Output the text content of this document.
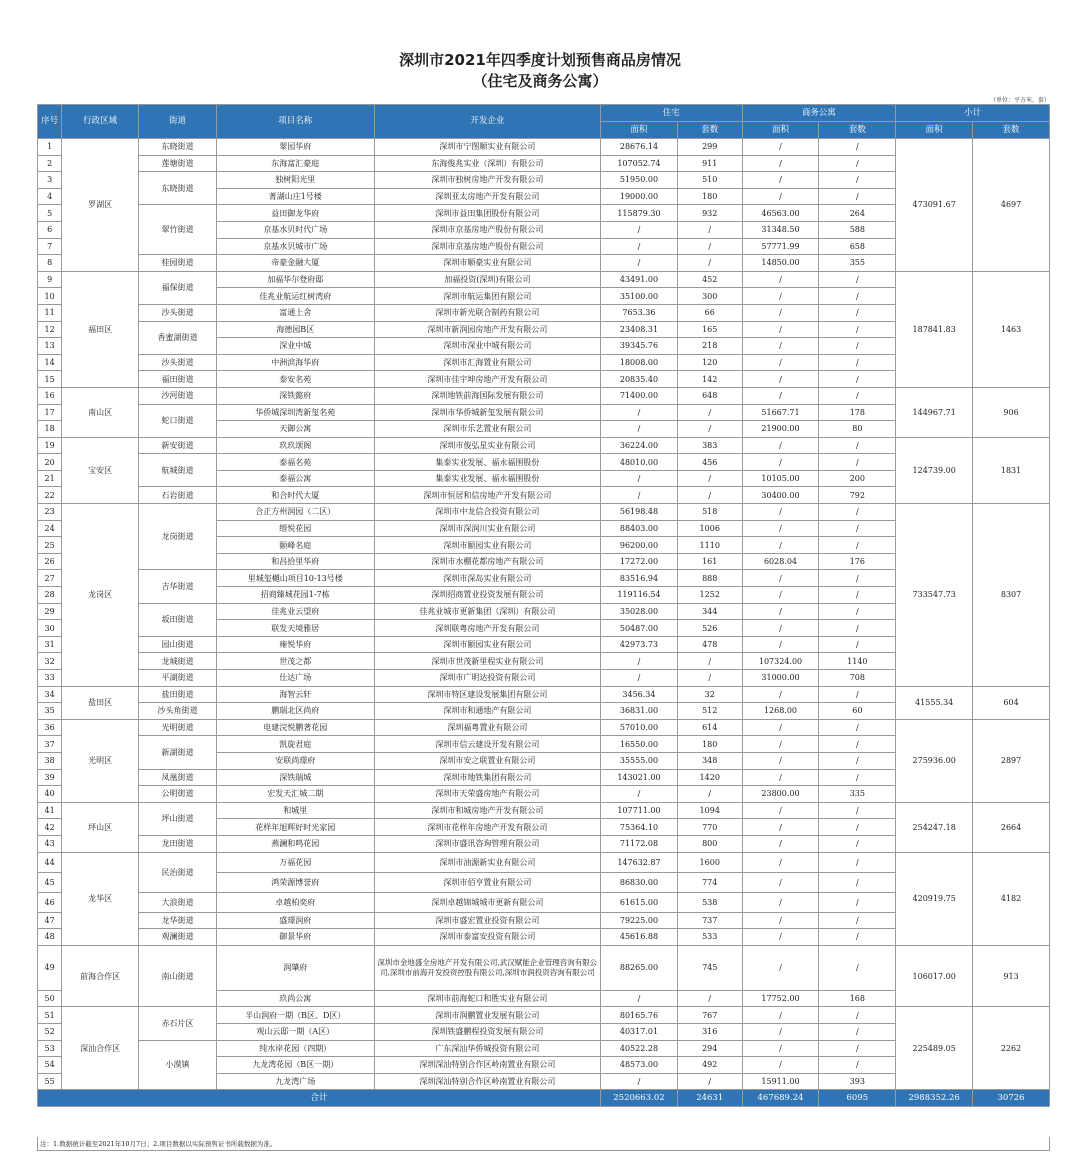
深圳市2021年四季度计划预售商品房情况
（住宅及商务公寓）
（单位：平方米，套）
序号	行政区域	街道	项目名称	开发企业	住宅		商务公寓		小计	
					面积	套数	面积	套数	面积	套数
1	罗湖区	东晓街道	翠园华府	深圳市宁图顺实业有限公司	28676.14	299	/	/	473091.67	4697
2		莲塘街道	东海富汇豪庭	东海俊兆实业（深圳）有限公司	107052.74	911	/	/		
3		东晓街道	独树阳光里	深圳市独树房地产开发有限公司	51950.00	510	/	/		
4			菁湖山庄1号楼	深圳亚太房地产开发有限公司	19000.00	180	/	/		
5		翠竹街道	益田御龙华府	深圳市益田集团股份有限公司	115879.30	932	46563.00	264		
6			京基水贝时代广场	深圳市京基房地产股份有限公司	/	/	31348.50	588		
7			京基水贝城市广场	深圳市京基房地产股份有限公司	/	/	57771.99	658		
8		桂园街道	帝豪金融大厦	深圳市顺豪实业有限公司	/	/	14850.00	355		
9	福田区	福保街道	加福华尔登府邸	加福投资(深圳)有限公司	43491.00	452	/	/	187841.83	1463
10			佳兆业航运红树湾府	深圳市航运集团有限公司	35100.00	300	/	/		
11		沙头街道	富通上舍	深圳市新光联合制药有限公司	7653.36	66	/	/		
12		香蜜湖街道	海德园B区	深圳市新润园房地产开发有限公司	23408.31	165	/	/		
13			深业中城	深圳市深业中城有限公司	39345.76	218	/	/		
14		沙头街道	中洲滨海华府	深圳市汇海置业有限公司	18008.00	120	/	/		
15		福田街道	泰安名苑	深圳市佳宇坤房地产开发有限公司	20835.40	142	/	/		
16	南山区	沙河街道	深铁懿府	深圳地铁前海国际发展有限公司	71400.00	648	/	/	144967.71	906
17		蛇口街道	华侨城深圳湾新玺名苑	深圳市华侨城新玺发展有限公司	/	/	51667.71	178		
18			天御公寓	深圳市乐艺置业有限公司	/	/	21900.00	80		
19	宝安区	新安街道	玖玖颂阁	深圳市俊弘星实业有限公司	36224.00	383	/	/	124739.00	1831
20		航城街道	泰福名苑	集泰实业发展、福永福围股份	48010.00	456	/	/		
21			泰福公寓	集泰实业发展、福永福围股份	/	/	10105.00	200		
22		石岩街道	和合时代大厦	深圳市恒居和信房地产开发有限公司	/	/	30400.00	792		
23	龙岗区	龙岗街道	合正方州润园（二区）	深圳市中龙信合投资有限公司	56198.48	518	/	/	733547.73	8307
24			缙悦花园	深圳市深润川实业有限公司	88403.00	1006	/	/		
25			颐峰名庭	深圳市颐园实业有限公司	96200.00	1110	/	/		
26			和昌拾里华府	深圳市水棚花都房地产有限公司	17272.00	161	6028.04	176		
27		吉华街道	里城玺樾山项目10-13号楼	深圳市深岛实业有限公司	83516.94	888	/	/		
28			招商臻城花园1-7栋	深圳招商置业投资发展有限公司	119116.54	1252	/	/		
29		坂田街道	佳兆业云望府	佳兆业城市更新集团（深圳）有限公司	35028.00	344	/	/		
30			联发天境雅居	深圳联粤房地产开发有限公司	50487.00	526	/	/		
31		园山街道	雍悦华府	深圳市颐园实业有限公司	42973.73	478	/	/		
32		龙城街道	世茂之都	深圳市世茂新里程实业有限公司	/	/	107324.00	1140		
33		平湖街道	仕达广场	深圳市广明达投资有限公司	/	/	31000.00	708		
34	盐田区	盐田街道	海智云轩	深圳市特区建设发展集团有限公司	3456.34	32	/	/	41555.34	604
35		沙头角街道	鹏瑞北区尚府	深圳市和通地产有限公司	36831.00	512	1268.00	60		
36	光明区	光明街道	电建浣悦鹏著花园	深圳福粤置业有限公司	57010.00	614	/	/	275936.00	2897
37		新湖街道	凯旋君庭	深圳市信云建设开发有限公司	16550.00	180	/	/		
38			安联尚璟府	深圳市安之联置业有限公司	35555.00	348	/	/		
39		凤凰街道	深铁瑞城	深圳市地铁集团有限公司	143021.00	1420	/	/		
40		公明街道	宏发天汇城二期	深圳市天荣盛房地产有限公司	/	/	23800.00	335		
41	坪山区	坪山街道	和城里	深圳市和城房地产开发有限公司	107711.00	1094	/	/	254247.18	2664
42			花样年旭辉好时光家园	深圳市花样年房地产开发有限公司	75364.10	770	/	/		
43		龙田街道	燕澜和鸣花园	深圳市盛讯咨询管理有限公司	71172.08	800	/	/		
44	龙华区	民治街道	万福花园	深圳市油源新实业有限公司	147632.87	1600	/	/	420919.75	4182
45			鸿荣源博誉府	深圳市佰亨置业有限公司	86830.00	774	/	/		
46		大浪街道	卓越柏奕府	深圳卓越锦城城市更新有限公司	61615.00	538	/	/		
47		龙华街道	盛璟润府	深圳市盛宏置业投资有限公司	79225.00	737	/	/		
48		观澜街道	御景华府	深圳市泰富安投资有限公司	45616.88	533	/	/		
49	前海合作区	南山街道	润肇府	深圳市金地盛全房地产开发有限公司,武汉赋能企业管理咨询有限公司,深圳市前海开发投资控股有限公司,深圳市润投资咨询有限公司	88265.00	745	/	/	106017.00	913
50			玖尚公寓	深圳市前海蛇口和胜实业有限公司	/	/	17752.00	168		
51	深汕合作区	赤石片区	半山润府一期（B区、D区）	深圳市润鹏置业发展有限公司	80165.76	767	/	/	225489.05	2262
52			观山云邸一期（A区）	深圳铁盛鹏程投资发展有限公司	40317.01	316	/	/		
53		小漠镇	纯水岸花园（四期）	广东深汕华侨城投资有限公司	40522.28	294	/	/		
54			九龙湾花园（B区一期）	深圳深汕特别合作区岭南置业有限公司	48573.00	492	/	/		
55			九龙湾广场	深圳深汕特别合作区岭南置业有限公司	/	/	15911.00	393		
合计					2520663.02	24631	467689.24	6095	2988352.26	30726
注：1.数据统计截至2021年10月7日；2.项目数据以实际预售证书所载数据为准。
